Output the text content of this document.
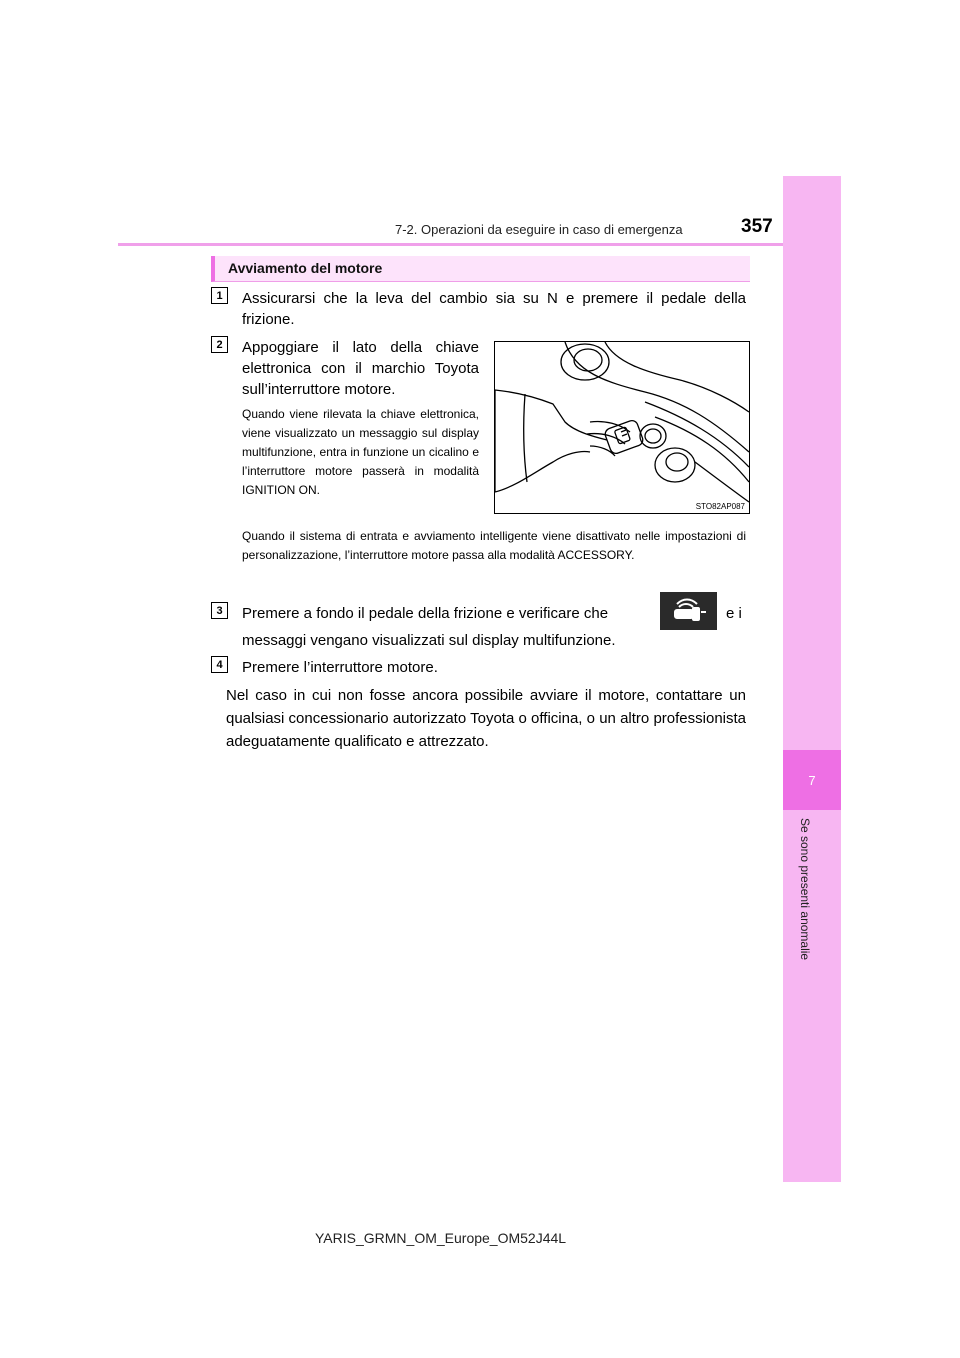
7
Se sono presenti anomalie
7-2. Operazioni da eseguire in caso di emergenza	357
Avviamento del motore
1	Assicurarsi che la leva del cambio sia su N e premere il pedale della frizione.
2	Appoggiare il lato della chiave elettronica con il marchio Toyota sull’interruttore motore.
Quando viene rilevata la chiave elettronica, viene visualizzato un messaggio sul display multifunzione, entra in funzione un cicalino e l’interruttore motore passerà in modalità IGNITION ON.
STO82AP087
Quando il sistema di entrata e avviamento intelligente viene disattivato nelle impostazioni di personalizzazione, l’interruttore motore passa alla modalità ACCESSORY.
3	Premere a fondo il pedale della frizione e verificare che	e i
messaggi vengano visualizzati sul display multifunzione.
4	Premere l’interruttore motore.
Nel caso in cui non fosse ancora possibile avviare il motore, contattare un qualsiasi concessionario autorizzato Toyota o officina, o un altro professionista adeguatamente qualificato e attrezzato.
YARIS_GRMN_OM_Europe_OM52J44L
